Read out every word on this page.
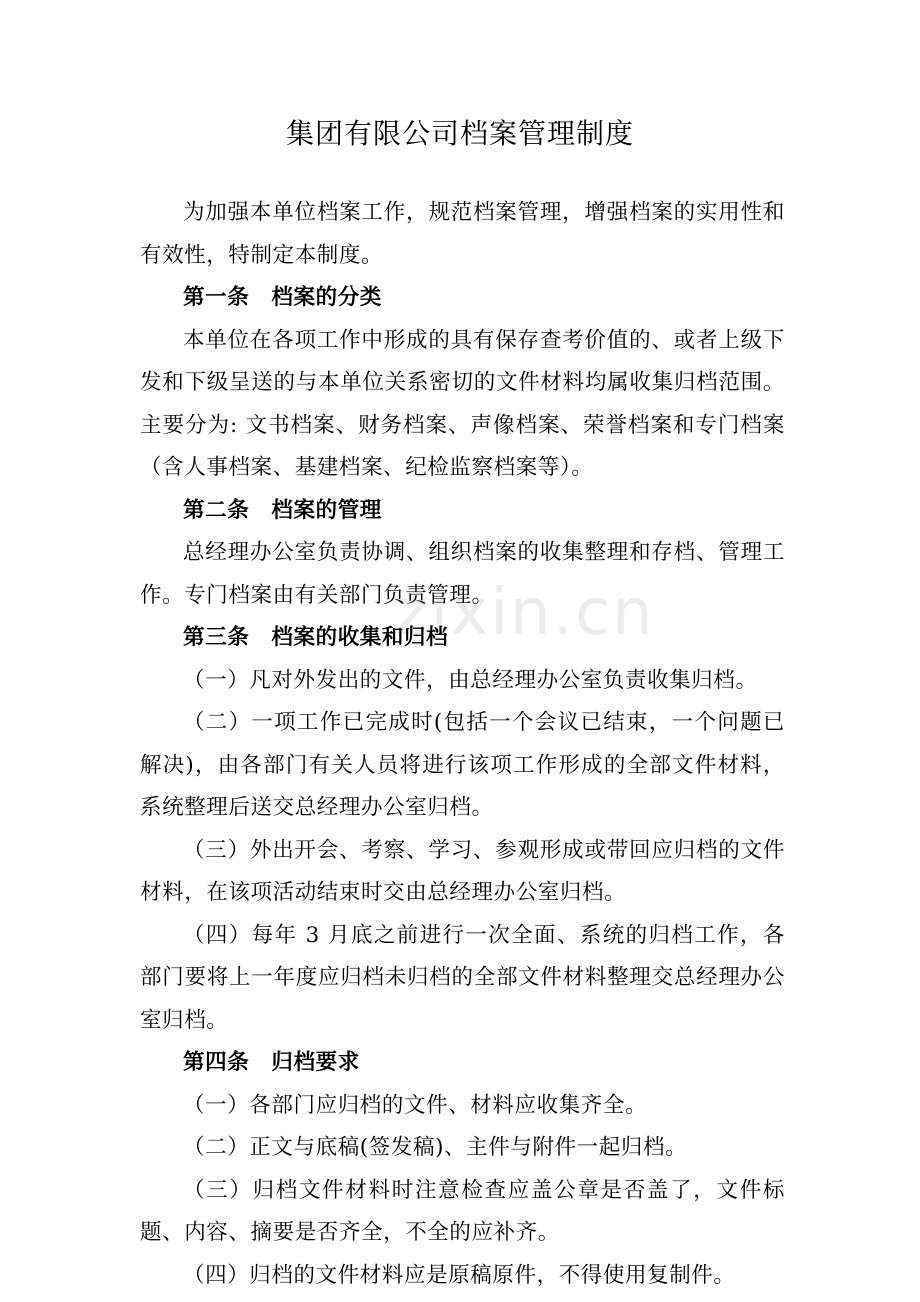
集团有限公司档案管理制度

为加强本单位档案工作，规范档案管理，增强档案的实用性和有效性，特制定本制度。

第一条　档案的分类

本单位在各项工作中形成的具有保存查考价值的、或者上级下发和下级呈送的与本单位关系密切的文件材料均属收集归档范围。主要分为: 文书档案、财务档案、声像档案、荣誉档案和专门档案（含人事档案、基建档案、纪检监察档案等）。

第二条　档案的管理

总经理办公室负责协调、组织档案的收集整理和存档、管理工作。专门档案由有关部门负责管理。

第三条　档案的收集和归档

（一）凡对外发出的文件，由总经理办公室负责收集归档。

（二）一项工作已完成时(包括一个会议已结束，一个问题已解决)，由各部门有关人员将进行该项工作形成的全部文件材料，系统整理后送交总经理办公室归档。

（三）外出开会、考察、学习、参观形成或带回应归档的文件材料，在该项活动结束时交由总经理办公室归档。

（四）每年 3 月底之前进行一次全面、系统的归档工作，各部门要将上一年度应归档未归档的全部文件材料整理交总经理办公室归档。

第四条　归档要求

（一）各部门应归档的文件、材料应收集齐全。

（二）正文与底稿(签发稿)、主件与附件一起归档。

（三）归档文件材料时注意检查应盖公章是否盖了，文件标题、内容、摘要是否齐全，不全的应补齐。

（四）归档的文件材料应是原稿原件，不得使用复制件。

zixin.cn
